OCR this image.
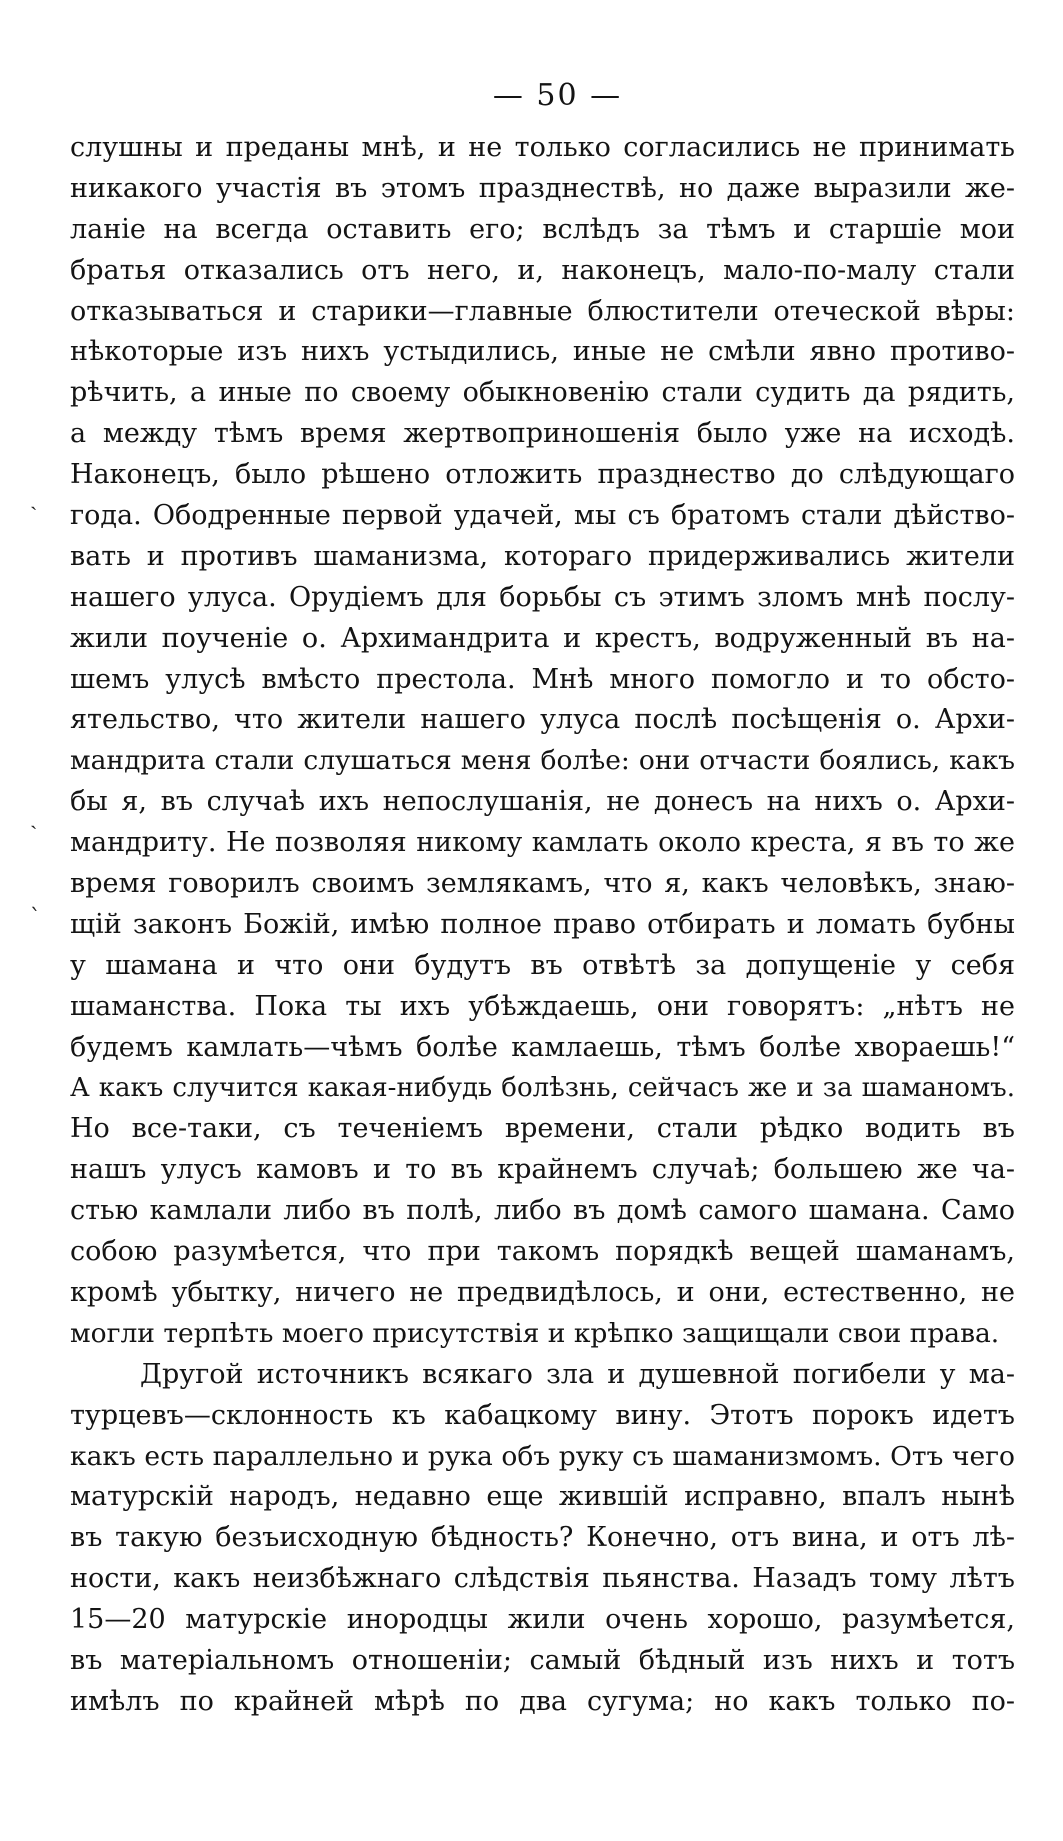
— 50 —
ˎ
ˎ
ˋ
слушны и преданы мнѣ, и не только согласились не принимать
никакого участія въ этомъ празднествѣ, но даже выразили же-
ланіе на всегда оставить его; вслѣдъ за тѣмъ и старшіе мои
братья отказались отъ него, и, наконецъ, мало-по-малу стали
отказываться и старики—главные блюстители отеческой вѣры:
нѣкоторые изъ нихъ устыдились, иные не смѣли явно противо-
рѣчить, а иные по своему обыкновенію стали судить да рядить,
а между тѣмъ время жертвоприношенія было уже на исходѣ.
Наконецъ, было рѣшено отложить празднество до слѣдующаго
года. Ободренные первой удачей, мы съ братомъ стали дѣйство-
вать и противъ шаманизма, котораго придерживались жители
нашего улуса. Орудіемъ для борьбы съ этимъ зломъ мнѣ послу-
жили поученіе о. Архимандрита и крестъ, водруженный въ на-
шемъ улусѣ вмѣсто престола. Мнѣ много помогло и то обсто-
ятельство, что жители нашего улуса послѣ посѣщенія о. Архи-
мандрита стали слушаться меня болѣе: они отчасти боялись, какъ
бы я, въ случаѣ ихъ непослушанія, не донесъ на нихъ о. Архи-
мандриту. Не позволяя никому камлать около креста, я въ то же
время говорилъ своимъ землякамъ, что я, какъ человѣкъ, знаю-
щій законъ Божій, имѣю полное право отбирать и ломать бубны
у шамана и что они будутъ въ отвѣтѣ за допущеніе у себя
шаманства. Пока ты ихъ убѣждаешь, они говорятъ: „нѣтъ не
будемъ камлать—чѣмъ болѣе камлаешь, тѣмъ болѣе хвораешь!“
А какъ случится какая-нибудь болѣзнь, сейчасъ же и за шаманомъ.
Но все-таки, съ теченіемъ времени, стали рѣдко водить въ
нашъ улусъ камовъ и то въ крайнемъ случаѣ; большею же ча-
стью камлали либо въ полѣ, либо въ домѣ самого шамана. Само
собою разумѣется, что при такомъ порядкѣ вещей шаманамъ,
кромѣ убытку, ничего не предвидѣлось, и они, естественно, не
могли терпѣть моего присутствія и крѣпко защищали свои права.
Другой источникъ всякаго зла и душевной погибели у ма-
турцевъ—склонность къ кабацкому вину. Этотъ порокъ идетъ
какъ есть параллельно и рука объ руку съ шаманизмомъ. Отъ чего
матурскій народъ, недавно еще жившій исправно, впалъ нынѣ
въ такую безъисходную бѣдность? Конечно, отъ вина, и отъ лѣ-
ности, какъ неизбѣжнаго слѣдствія пьянства. Назадъ тому лѣтъ
15—20 матурскіе инородцы жили очень хорошо, разумѣется,
въ матеріальномъ отношеніи; самый бѣдный изъ нихъ и тотъ
имѣлъ по крайней мѣрѣ по два сугума; но какъ только по-
